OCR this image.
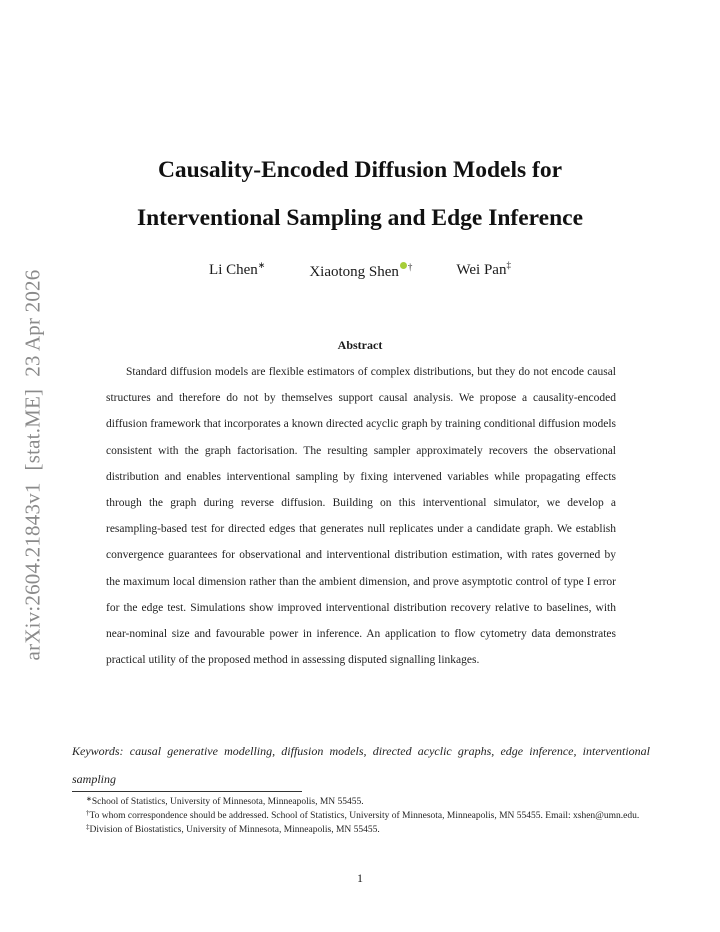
arXiv:2604.21843v1[stat.ME]23 Apr 2026
Causality-Encoded Diffusion Models for
Interventional Sampling and Edge Inference
Li Chen∗	Xiaotong Shen †	Wei Pan‡
Abstract
Standard diffusion models are flexible estimators of complex distributions, but they do not encode causal structures and therefore do not by themselves support causal analysis. We propose a causality-encoded diffusion framework that incorporates a known directed acyclic graph by training conditional diffusion models consistent with the graph factorisation. The resulting sampler approximately recovers the observational distribution and enables interventional sampling by fixing intervened variables while propagating effects through the graph during reverse diffusion. Building on this interventional simulator, we develop a resampling-based test for directed edges that generates null replicates under a candidate graph. We establish convergence guarantees for observational and interventional distribution estimation, with rates governed by the maximum local dimension rather than the ambient dimension, and prove asymptotic control of type I error for the edge test. Simulations show improved interventional distribution recovery relative to baselines, with near-nominal size and favourable power in inference. An application to flow cytometry data demonstrates practical utility of the proposed method in assessing disputed signalling linkages.
Keywords: causal generative modelling, diffusion models, directed acyclic graphs, edge inference, interventional sampling
∗School of Statistics, University of Minnesota, Minneapolis, MN 55455.
†To whom correspondence should be addressed. School of Statistics, University of Minnesota, Minneapolis, MN 55455. Email: xshen@umn.edu.
‡Division of Biostatistics, University of Minnesota, Minneapolis, MN 55455.
1
